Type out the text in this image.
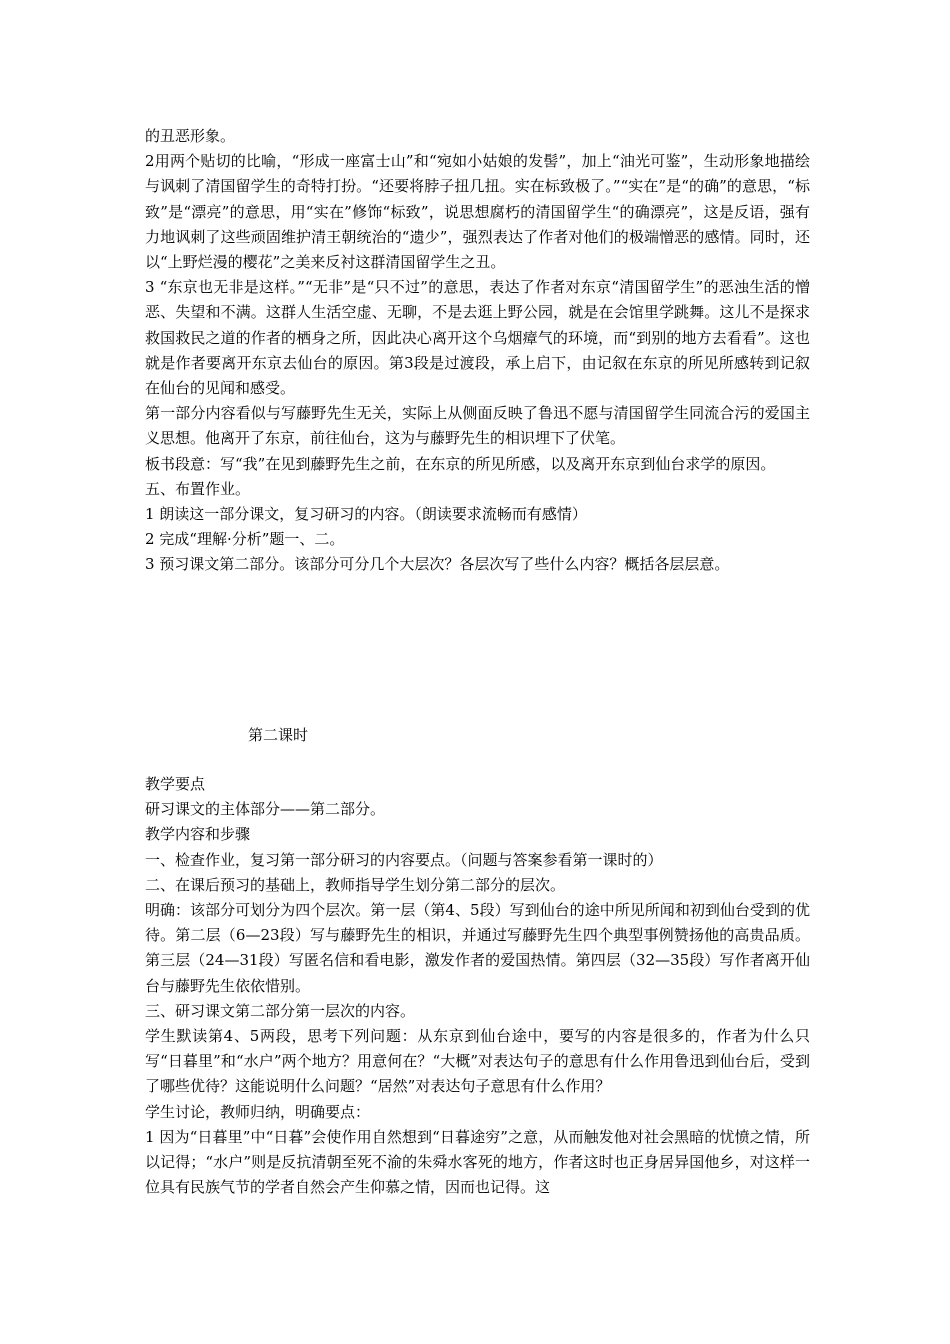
的丑恶形象。

2用两个贴切的比喻，“形成一座富士山”和“宛如小姑娘的发髻”，加上“油光可鉴”，生动形象地描绘与讽刺了清国留学生的奇特打扮。“还要将脖子扭几扭。实在标致极了。”“实在”是“的确”的意思，“标致”是“漂亮”的意思，用“实在”修饰“标致”，说思想腐朽的清国留学生“的确漂亮”，这是反语，强有力地讽刺了这些顽固维护清王朝统治的“遗少”，强烈表达了作者对他们的极端憎恶的感情。同时，还以“上野烂漫的樱花”之美来反衬这群清国留学生之丑。

3 “东京也无非是这样。”“无非”是“只不过”的意思，表达了作者对东京“清国留学生”的恶浊生活的憎恶、失望和不满。这群人生活空虚、无聊，不是去逛上野公园，就是在会馆里学跳舞。这儿不是探求救国救民之道的作者的栖身之所，因此决心离开这个乌烟瘴气的环境，而“到别的地方去看看”。这也就是作者要离开东京去仙台的原因。第3段是过渡段，承上启下，由记叙在东京的所见所感转到记叙在仙台的见闻和感受。

第一部分内容看似与写藤野先生无关，实际上从侧面反映了鲁迅不愿与清国留学生同流合污的爱国主义思想。他离开了东京，前往仙台，这为与藤野先生的相识埋下了伏笔。

板书段意：写“我”在见到藤野先生之前，在东京的所见所感，以及离开东京到仙台求学的原因。

五、布置作业。

1 朗读这一部分课文，复习研习的内容。（朗读要求流畅而有感情）

2 完成“理解·分析”题一、二。

3 预习课文第二部分。该部分可分几个大层次？各层次写了些什么内容？概括各层层意。

第二课时

教学要点

研习课文的主体部分——第二部分。

教学内容和步骤

一、检查作业，复习第一部分研习的内容要点。（问题与答案参看第一课时的）

二、在课后预习的基础上，教师指导学生划分第二部分的层次。

明确：该部分可划分为四个层次。第一层（第4、5段）写到仙台的途中所见所闻和初到仙台受到的优待。第二层（6—23段）写与藤野先生的相识，并通过写藤野先生四个典型事例赞扬他的高贵品质。第三层（24—31段）写匿名信和看电影，激发作者的爱国热情。第四层（32—35段）写作者离开仙台与藤野先生依依惜别。

三、研习课文第二部分第一层次的内容。

学生默读第4、5两段，思考下列问题：从东京到仙台途中，要写的内容是很多的，作者为什么只写“日暮里”和“水户”两个地方？用意何在？“大概”对表达句子的意思有什么作用鲁迅到仙台后，受到了哪些优待？这能说明什么问题？“居然”对表达句子意思有什么作用？

学生讨论，教师归纳，明确要点：

1 因为“日暮里”中“日暮”会使作用自然想到“日暮途穷”之意，从而触发他对社会黑暗的忧愤之情，所以记得；“水户”则是反抗清朝至死不渝的朱舜水客死的地方，作者这时也正身居异国他乡，对这样一位具有民族气节的学者自然会产生仰慕之情，因而也记得。这
